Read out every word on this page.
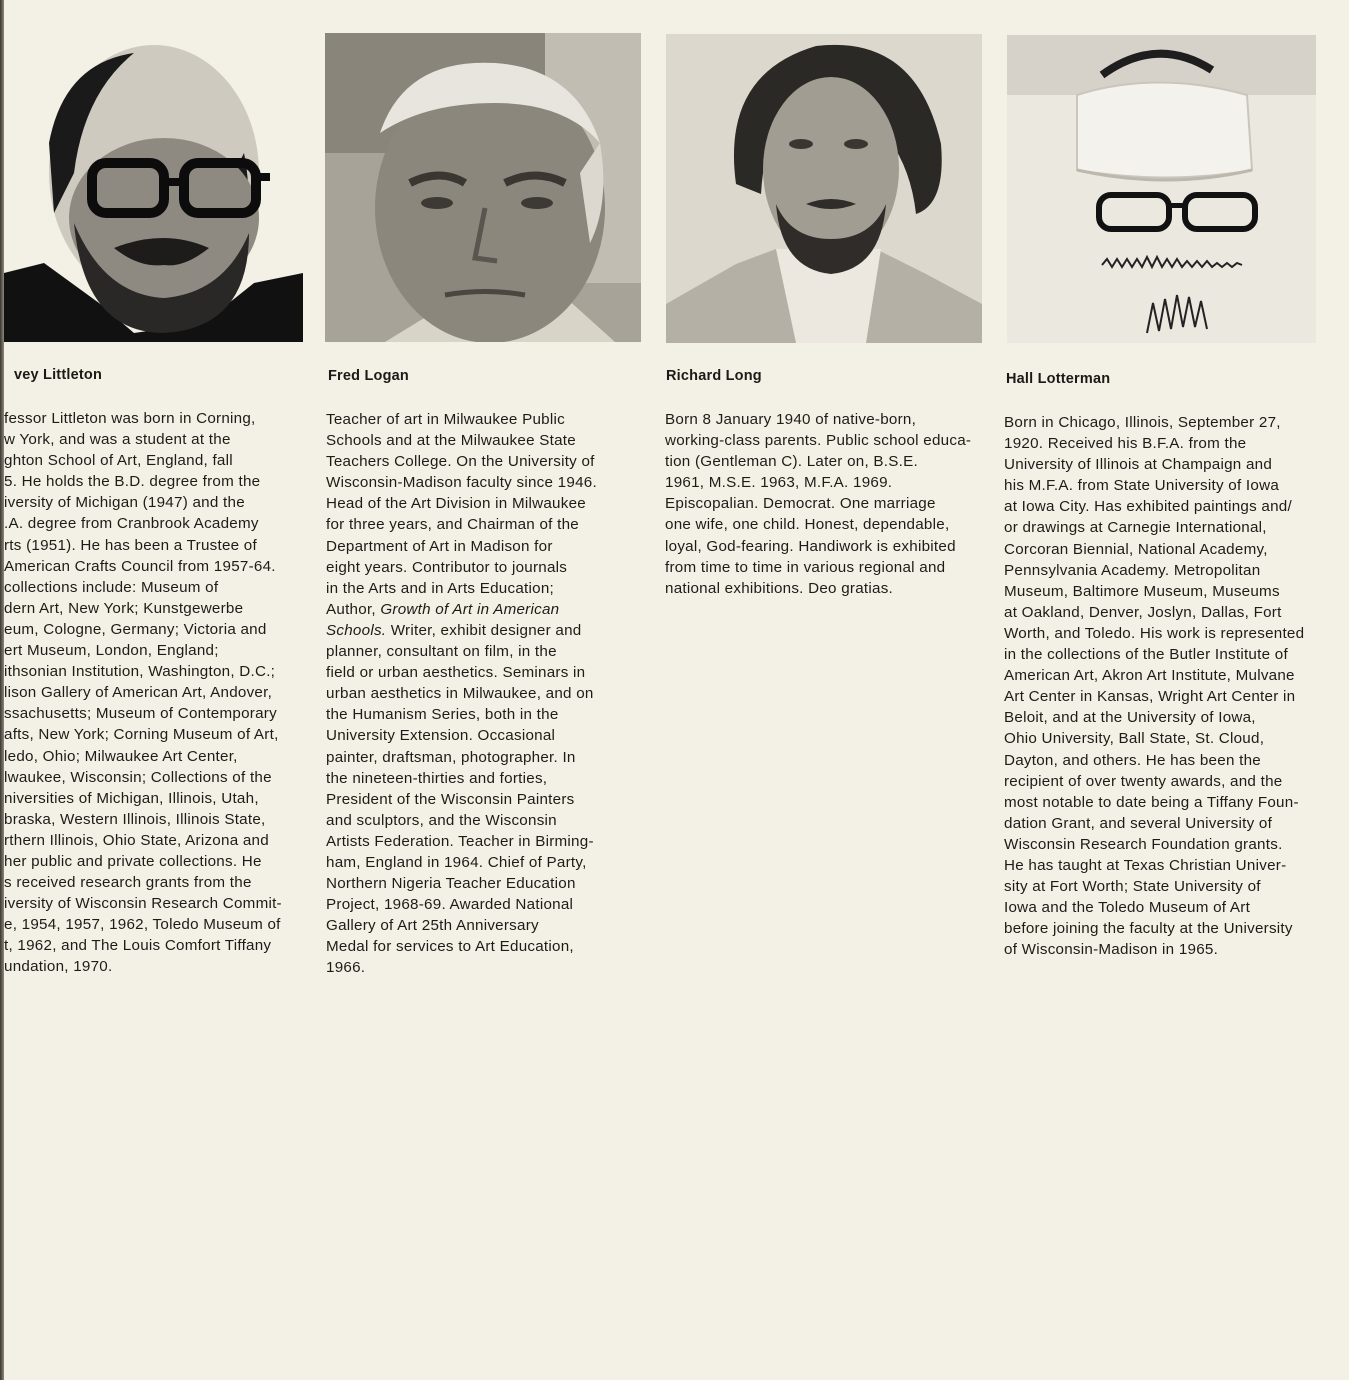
vey Littleton

fessor Littleton was born in Corning,
w York, and was a student at the
ghton School of Art, England, fall
5. He holds the B.D. degree from the
iversity of Michigan (1947) and the
.A. degree from Cranbrook Academy
rts (1951). He has been a Trustee of
American Crafts Council from 1957-64.
collections include: Museum of
dern Art, New York; Kunstgewerbe
eum, Cologne, Germany; Victoria and
ert Museum, London, England;
ithsonian Institution, Washington, D.C.;
lison Gallery of American Art, Andover,
ssachusetts; Museum of Contemporary
afts, New York; Corning Museum of Art,
ledo, Ohio; Milwaukee Art Center,
lwaukee, Wisconsin; Collections of the
niversities of Michigan, Illinois, Utah,
braska, Western Illinois, Illinois State,
rthern Illinois, Ohio State, Arizona and
her public and private collections. He
s received research grants from the
iversity of Wisconsin Research Commit-
e, 1954, 1957, 1962, Toledo Museum of
t, 1962, and The Louis Comfort Tiffany
undation, 1970.

Fred Logan

Teacher of art in Milwaukee Public
Schools and at the Milwaukee State
Teachers College. On the University of
Wisconsin-Madison faculty since 1946.
Head of the Art Division in Milwaukee
for three years, and Chairman of the
Department of Art in Madison for
eight years. Contributor to journals
in the Arts and in Arts Education;
Author, Growth of Art in American
Schools. Writer, exhibit designer and
planner, consultant on film, in the
field or urban aesthetics. Seminars in
urban aesthetics in Milwaukee, and on
the Humanism Series, both in the
University Extension. Occasional
painter, draftsman, photographer. In
the nineteen-thirties and forties,
President of the Wisconsin Painters
and sculptors, and the Wisconsin
Artists Federation. Teacher in Birming-
ham, England in 1964. Chief of Party,
Northern Nigeria Teacher Education
Project, 1968-69. Awarded National
Gallery of Art 25th Anniversary
Medal for services to Art Education,
1966.

Richard Long

Born 8 January 1940 of native-born,
working-class parents. Public school educa-
tion (Gentleman C). Later on, B.S.E.
1961, M.S.E. 1963, M.F.A. 1969.
Episcopalian. Democrat. One marriage
one wife, one child. Honest, dependable,
loyal, God-fearing. Handiwork is exhibited
from time to time in various regional and
national exhibitions. Deo gratias.

Hall Lotterman

Born in Chicago, Illinois, September 27,
1920. Received his B.F.A. from the
University of Illinois at Champaign and
his M.F.A. from State University of Iowa
at Iowa City. Has exhibited paintings and/
or drawings at Carnegie International,
Corcoran Biennial, National Academy,
Pennsylvania Academy. Metropolitan
Museum, Baltimore Museum, Museums
at Oakland, Denver, Joslyn, Dallas, Fort
Worth, and Toledo. His work is represented
in the collections of the Butler Institute of
American Art, Akron Art Institute, Mulvane
Art Center in Kansas, Wright Art Center in
Beloit, and at the University of Iowa,
Ohio University, Ball State, St. Cloud,
Dayton, and others. He has been the
recipient of over twenty awards, and the
most notable to date being a Tiffany Foun-
dation Grant, and several University of
Wisconsin Research Foundation grants.
He has taught at Texas Christian Univer-
sity at Fort Worth; State University of
Iowa and the Toledo Museum of Art
before joining the faculty at the University
of Wisconsin-Madison in 1965.
